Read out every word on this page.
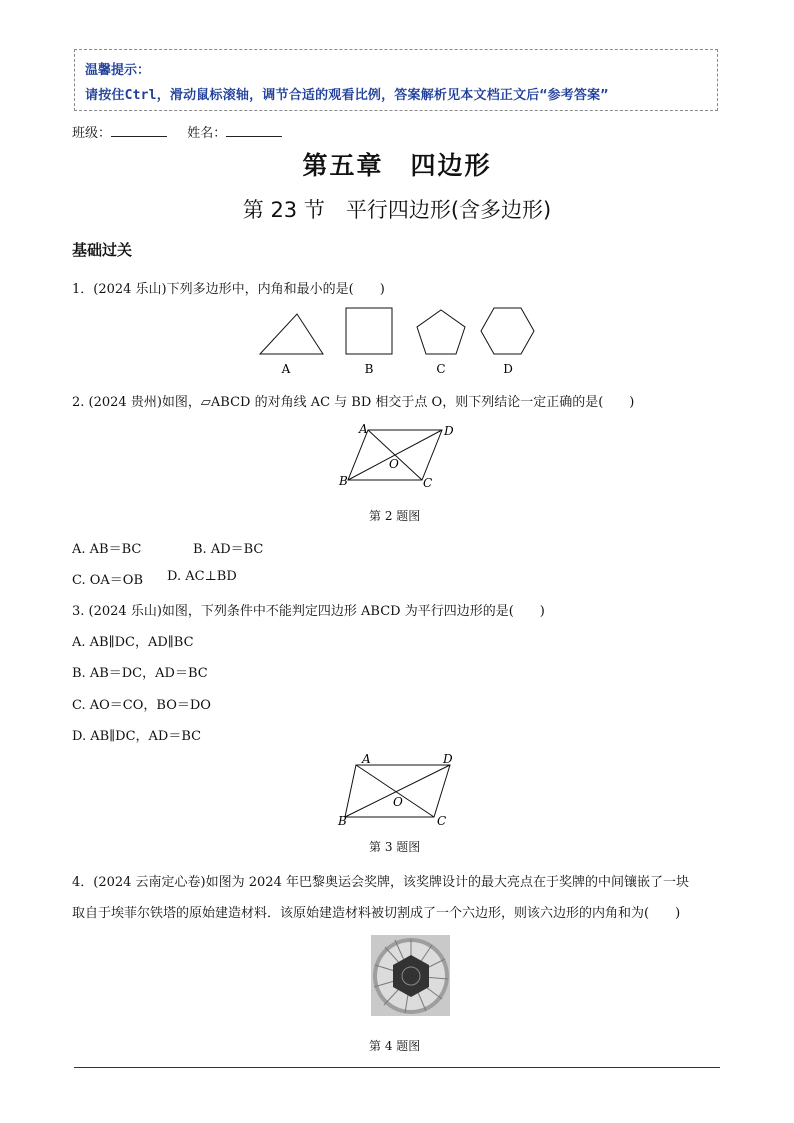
温馨提示：
请按住Ctrl，滑动鼠标滚轴，调节合适的观看比例，答案解析见本文档正文后“参考答案”
班级：	姓名：
第五章　四边形
第 23 节　平行四边形(含多边形)
基础过关
1．(2024 乐山)下列多边形中，内角和最小的是(　　)
A	B	C	D
2. (2024 贵州)如图，▱ABCD 的对角线 AC 与 BD 相交于点 O，则下列结论一定正确的是(　　)
A	D
B	C
O
第 2 题图
A. AB＝BC	B. AD＝BC
C. OA＝OB D. AC⊥BD
3. (2024 乐山)如图，下列条件中不能判定四边形 ABCD 为平行四边形的是(　　)
A. AB∥DC，AD∥BC
B. AB＝DC，AD＝BC
C. AO＝CO，BO＝DO
D. AB∥DC，AD＝BC
A	D
B	C
O
第 3 题图
4．(2024 云南定心卷)如图为 2024 年巴黎奥运会奖牌，该奖牌设计的最大亮点在于奖牌的中间镶嵌了一块
取自于埃菲尔铁塔的原始建造材料．该原始建造材料被切割成了一个六边形，则该六边形的内角和为(　　)
第 4 题图
